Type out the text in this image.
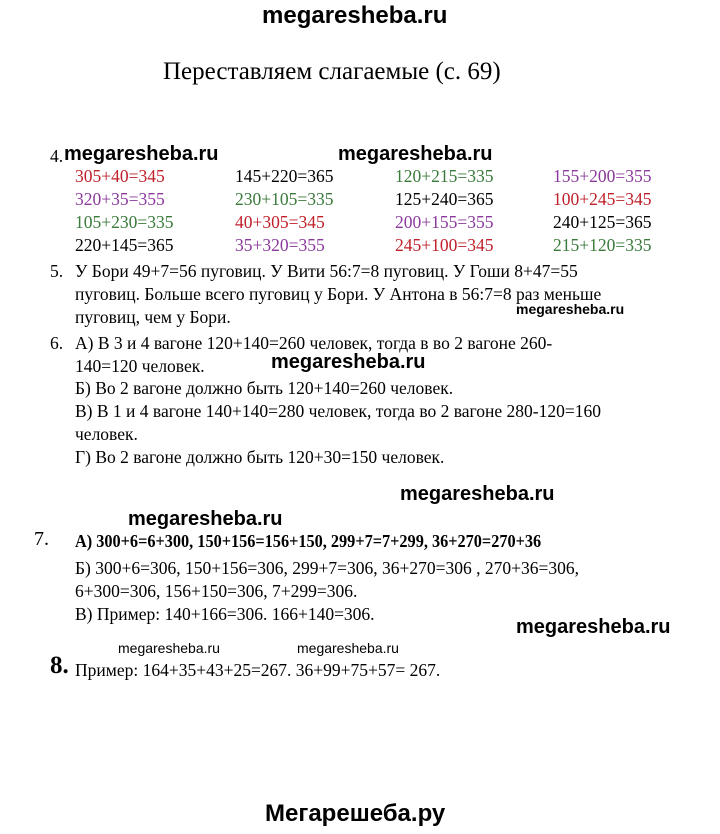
megaresheba.ru
Переставляем слагаемые (с. 69)
4. megaresheba.ru	megaresheba.ru
305+40=345	145+220=365	120+215=335	155+200=355
320+35=355	230+105=335	125+240=365	100+245=345
105+230=335	40+305=345	200+155=355	240+125=365
220+145=365	35+320=355	245+100=345	215+120=335
5. У Бори 49+7=56 пуговиц. У Вити 56:7=8 пуговиц. У Гоши 8+47=55
пуговиц. Больше всего пуговиц у Бори. У Антона в 56:7=8 раз меньше
пуговиц, чем у Бори.	megaresheba.ru
6. А) В 3 и 4 вагоне 120+140=260 человек, тогда в во 2 вагоне 260-
140=120 человек.	megaresheba.ru
Б) Во 2 вагоне должно быть 120+140=260 человек.
В) В 1 и 4 вагоне 140+140=280 человек, тогда во 2 вагоне 280-120=160
человек.
Г) Во 2 вагоне должно быть 120+30=150 человек.
megaresheba.ru
megaresheba.ru
7. А) 300+6=6+300, 150+156=156+150, 299+7=7+299, 36+270=270+36
Б) 300+6=306, 150+156=306, 299+7=306, 36+270=306 , 270+36=306,
6+300=306, 156+150=306, 7+299=306.
В) Пример: 140+166=306. 166+140=306.
megaresheba.ru
megaresheba.ru	megaresheba.ru
8. Пример: 164+35+43+25=267. 36+99+75+57= 267.
Мегарешеба.ру
